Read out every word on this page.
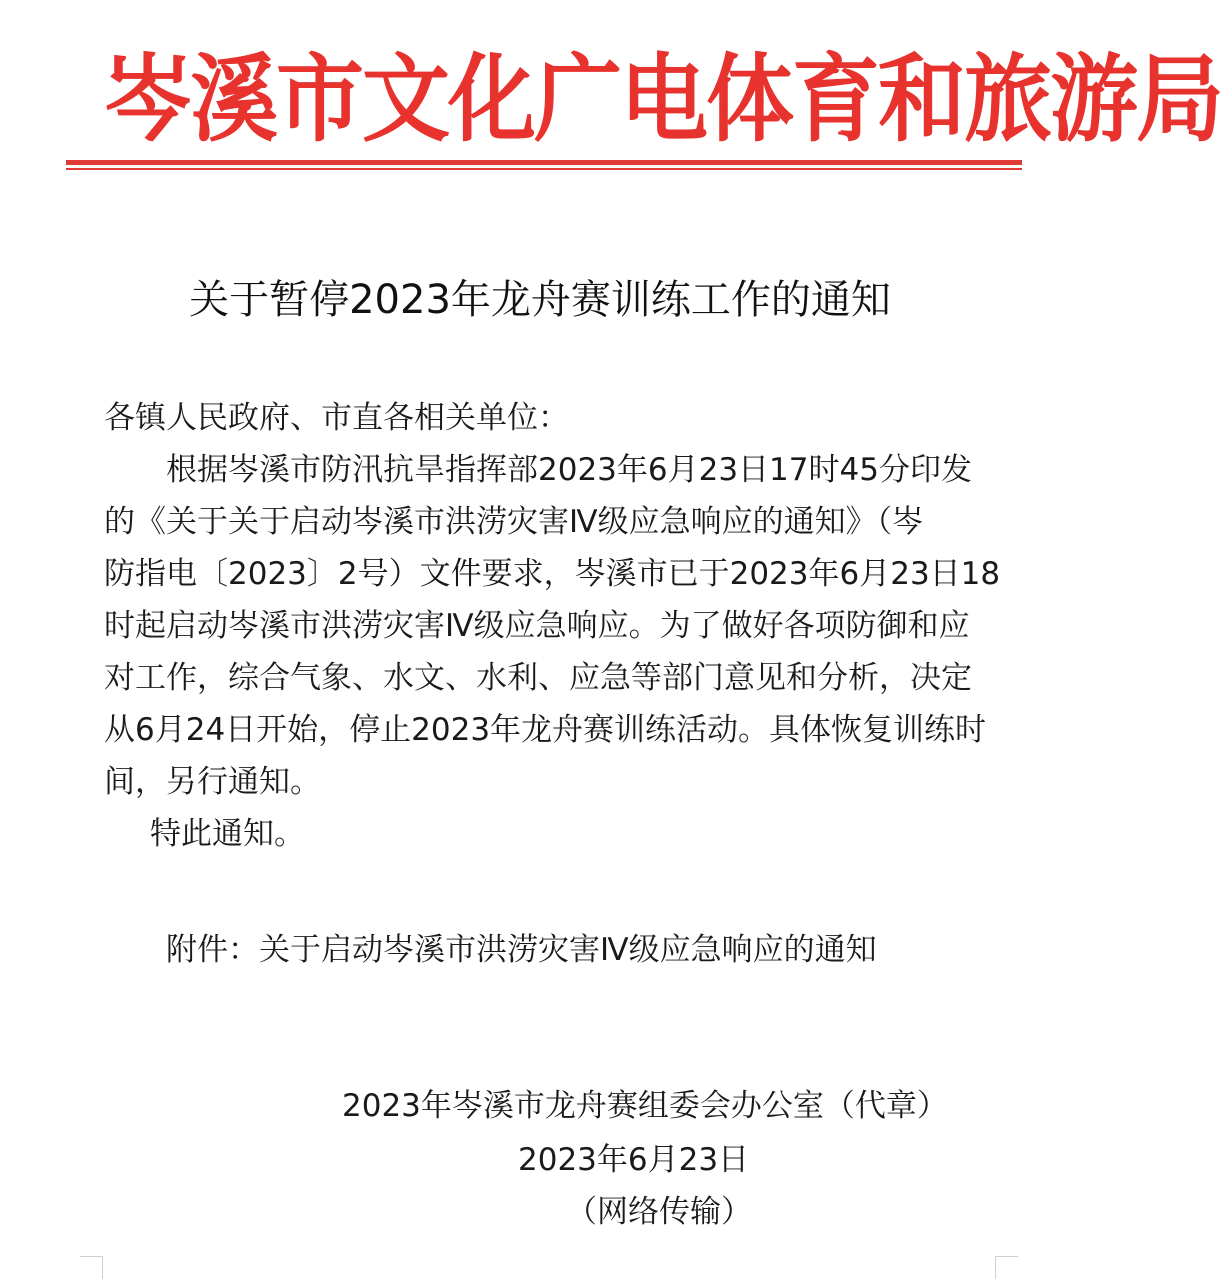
岑溪市文化广电体育和旅游局
关于暂停2023年龙舟赛训练工作的通知
各镇人民政府、市直各相关单位：
根据岑溪市防汛抗旱指挥部2023年6月23日17时45分印发
的《关于关于启动岑溪市洪涝灾害Ⅳ级应急响应的通知》（岑
防指电〔2023〕2号）文件要求，岑溪市已于2023年6月23日18
时起启动岑溪市洪涝灾害Ⅳ级应急响应。为了做好各项防御和应
对工作，综合气象、水文、水利、应急等部门意见和分析，决定
从6月24日开始，停止2023年龙舟赛训练活动。具体恢复训练时
间，另行通知。
特此通知。
附件：关于启动岑溪市洪涝灾害Ⅳ级应急响应的通知
2023年岑溪市龙舟赛组委会办公室（代章）
2023年6月23日
（网络传输）
